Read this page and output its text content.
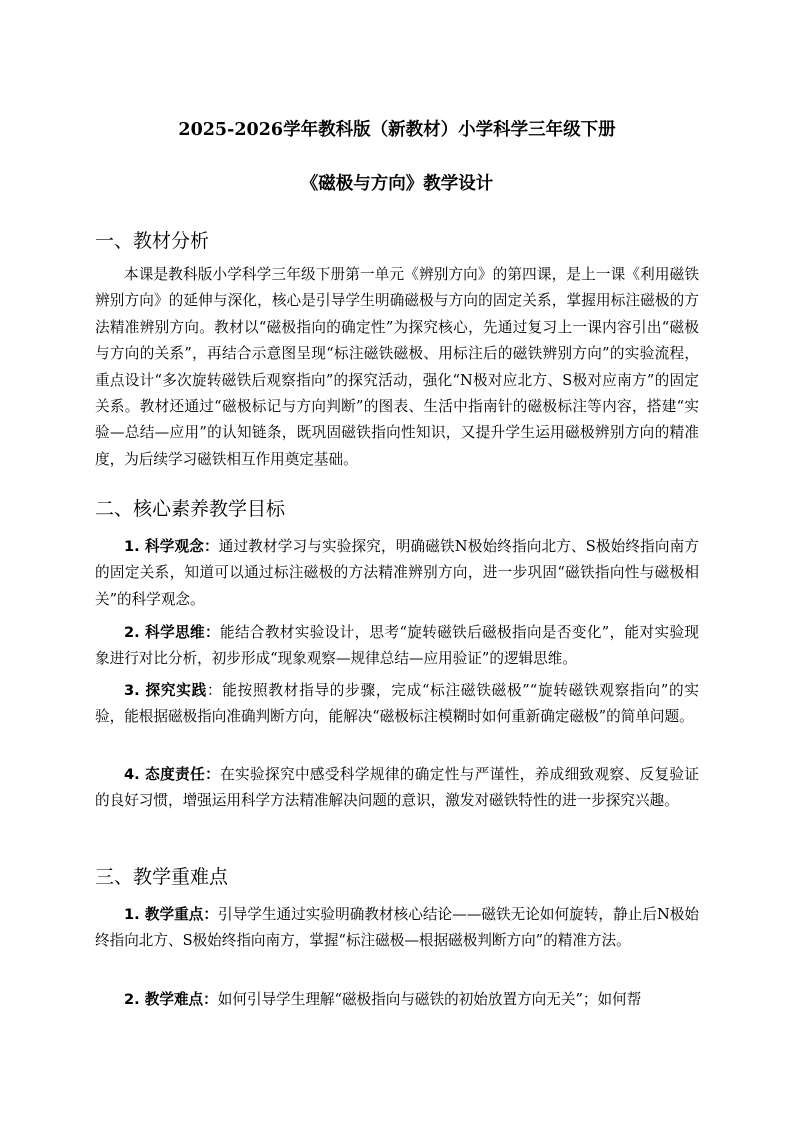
2025-2026学年教科版（新教材）小学科学三年级下册
《磁极与方向》教学设计
一、教材分析

本课是教科版小学科学三年级下册第一单元《辨别方向》的第四课，是上一课《利用磁铁辨别方向》的延伸与深化，核心是引导学生明确磁极与方向的固定关系，掌握用标注磁极的方法精准辨别方向。教材以“磁极指向的确定性”为探究核心，先通过复习上一课内容引出“磁极与方向的关系”，再结合示意图呈现“标注磁铁磁极、用标注后的磁铁辨别方向”的实验流程，重点设计“多次旋转磁铁后观察指向”的探究活动，强化“N极对应北方、S极对应南方”的固定关系。教材还通过“磁极标记与方向判断”的图表、生活中指南针的磁极标注等内容，搭建“实验—总结—应用”的认知链条，既巩固磁铁指向性知识，又提升学生运用磁极辨别方向的精准度，为后续学习磁铁相互作用奠定基础。

二、核心素养教学目标

1. 科学观念：通过教材学习与实验探究，明确磁铁N极始终指向北方、S极始终指向南方的固定关系，知道可以通过标注磁极的方法精准辨别方向，进一步巩固“磁铁指向性与磁极相关”的科学观念。

2. 科学思维：能结合教材实验设计，思考“旋转磁铁后磁极指向是否变化”，能对实验现象进行对比分析，初步形成“现象观察—规律总结—应用验证”的逻辑思维。

3. 探究实践：能按照教材指导的步骤，完成“标注磁铁磁极”“旋转磁铁观察指向”的实验，能根据磁极指向准确判断方向，能解决“磁极标注模糊时如何重新确定磁极”的简单问题。

4. 态度责任：在实验探究中感受科学规律的确定性与严谨性，养成细致观察、反复验证的良好习惯，增强运用科学方法精准解决问题的意识，激发对磁铁特性的进一步探究兴趣。

三、教学重难点

1. 教学重点：引导学生通过实验明确教材核心结论——磁铁无论如何旋转，静止后N极始终指向北方、S极始终指向南方，掌握“标注磁极—根据磁极判断方向”的精准方法。

2. 教学难点：如何引导学生理解“磁极指向与磁铁的初始放置方向无关”；如何帮
